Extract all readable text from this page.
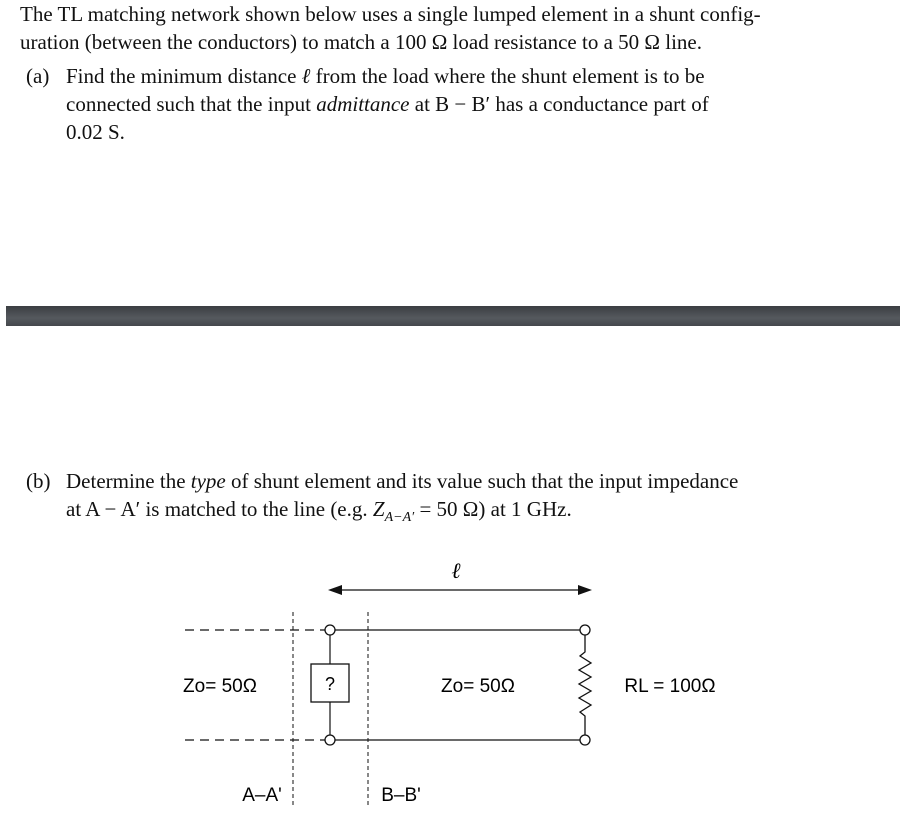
The TL matching network shown below uses a single lumped element in a shunt config-
uration (between the conductors) to match a 100 Ω load resistance to a 50 Ω line.

(a) Find the minimum distance ℓ from the load where the shunt element is to be

connected such that the input admittance at B − B′ has a conductance part of
0.02 S.

(b) Determine the type of shunt element and its value such that the input impedance

at A − A′ is matched to the line (e.g. $Z_{A-A'} = 50$ Ω) at 1 GHz.

ℓ
?
Zo= 50Ω	Zo= 50Ω	RL = 100Ω
A–A'	B–B'
